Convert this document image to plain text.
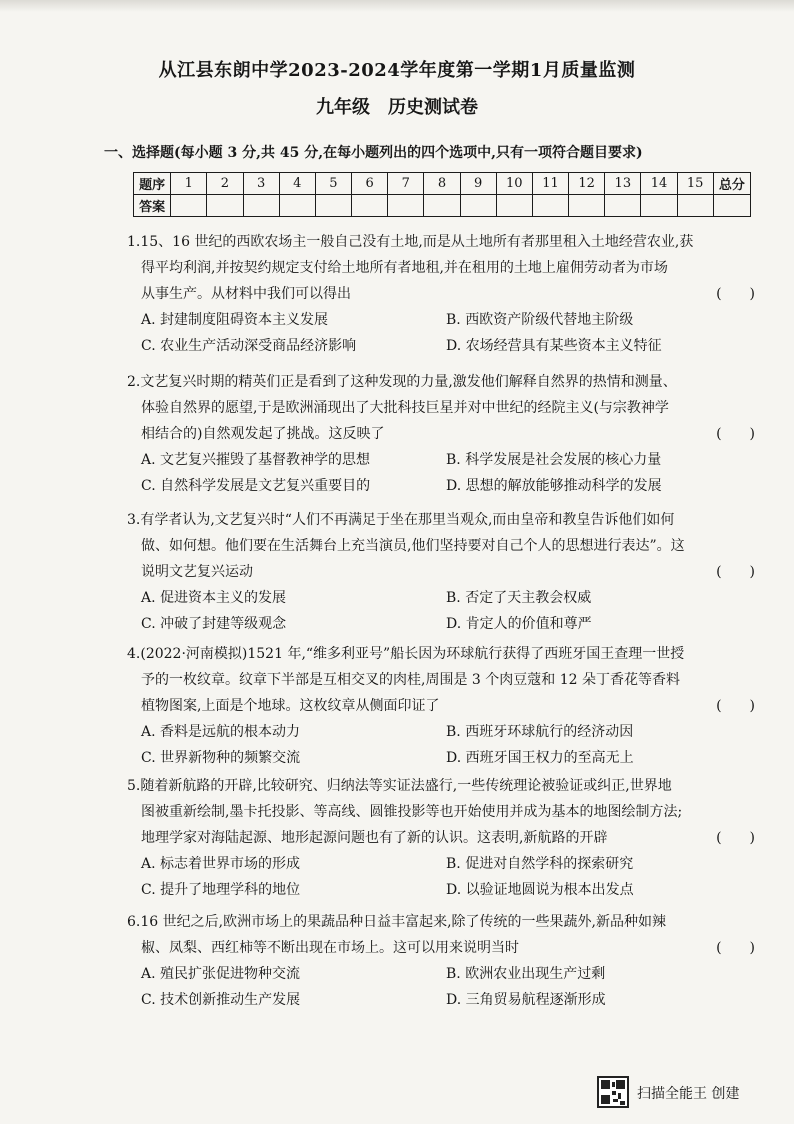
从江县东朗中学2023-2024学年度第一学期1月质量监测
九年级　历史测试卷
一、选择题(每小题 3 分,共 45 分,在每小题列出的四个选项中,只有一项符合题目要求)
题序	1	2	3	4	5	6	7	8	9	10	11	12	13	14	15	总分
答案																
1.15、16 世纪的西欧农场主一般自己没有土地,而是从土地所有者那里租入土地经营农业,获
得平均利润,并按契约规定支付给土地所有者地租,并在租用的土地上雇佣劳动者为市场
从事生产。从材料中我们可以得出	(　　)
A. 封建制度阻碍资本主义发展	B. 西欧资产阶级代替地主阶级
C. 农业生产活动深受商品经济影响	D. 农场经营具有某些资本主义特征
2.文艺复兴时期的精英们正是看到了这种发现的力量,激发他们解释自然界的热情和测量、
体验自然界的愿望,于是欧洲涌现出了大批科技巨星并对中世纪的经院主义(与宗教神学
相结合的)自然观发起了挑战。这反映了	(　　)
A. 文艺复兴摧毁了基督教神学的思想	B. 科学发展是社会发展的核心力量
C. 自然科学发展是文艺复兴重要目的	D. 思想的解放能够推动科学的发展
3.有学者认为,文艺复兴时“人们不再满足于坐在那里当观众,而由皇帝和教皇告诉他们如何
做、如何想。他们要在生活舞台上充当演员,他们坚持要对自己个人的思想进行表达”。这
说明文艺复兴运动	(　　)
A. 促进资本主义的发展	B. 否定了天主教会权威
C. 冲破了封建等级观念	D. 肯定人的价值和尊严
4.(2022·河南模拟)1521 年,“维多利亚号”船长因为环球航行获得了西班牙国王查理一世授
予的一枚纹章。纹章下半部是互相交叉的肉桂,周围是 3 个肉豆蔻和 12 朵丁香花等香料
植物图案,上面是个地球。这枚纹章从侧面印证了	(　　)
A. 香料是远航的根本动力	B. 西班牙环球航行的经济动因
C. 世界新物种的频繁交流	D. 西班牙国王权力的至高无上
5.随着新航路的开辟,比较研究、归纳法等实证法盛行,一些传统理论被验证或纠正,世界地
图被重新绘制,墨卡托投影、等高线、圆锥投影等也开始使用并成为基本的地图绘制方法;
地理学家对海陆起源、地形起源问题也有了新的认识。这表明,新航路的开辟	(　　)
A. 标志着世界市场的形成	B. 促进对自然学科的探索研究
C. 提升了地理学科的地位	D. 以验证地圆说为根本出发点
6.16 世纪之后,欧洲市场上的果蔬品种日益丰富起来,除了传统的一些果蔬外,新品种如辣
椒、凤梨、西红柿等不断出现在市场上。这可以用来说明当时	(　　)
A. 殖民扩张促进物种交流	B. 欧洲农业出现生产过剩
C. 技术创新推动生产发展	D. 三角贸易航程逐渐形成
扫描全能王 创建
